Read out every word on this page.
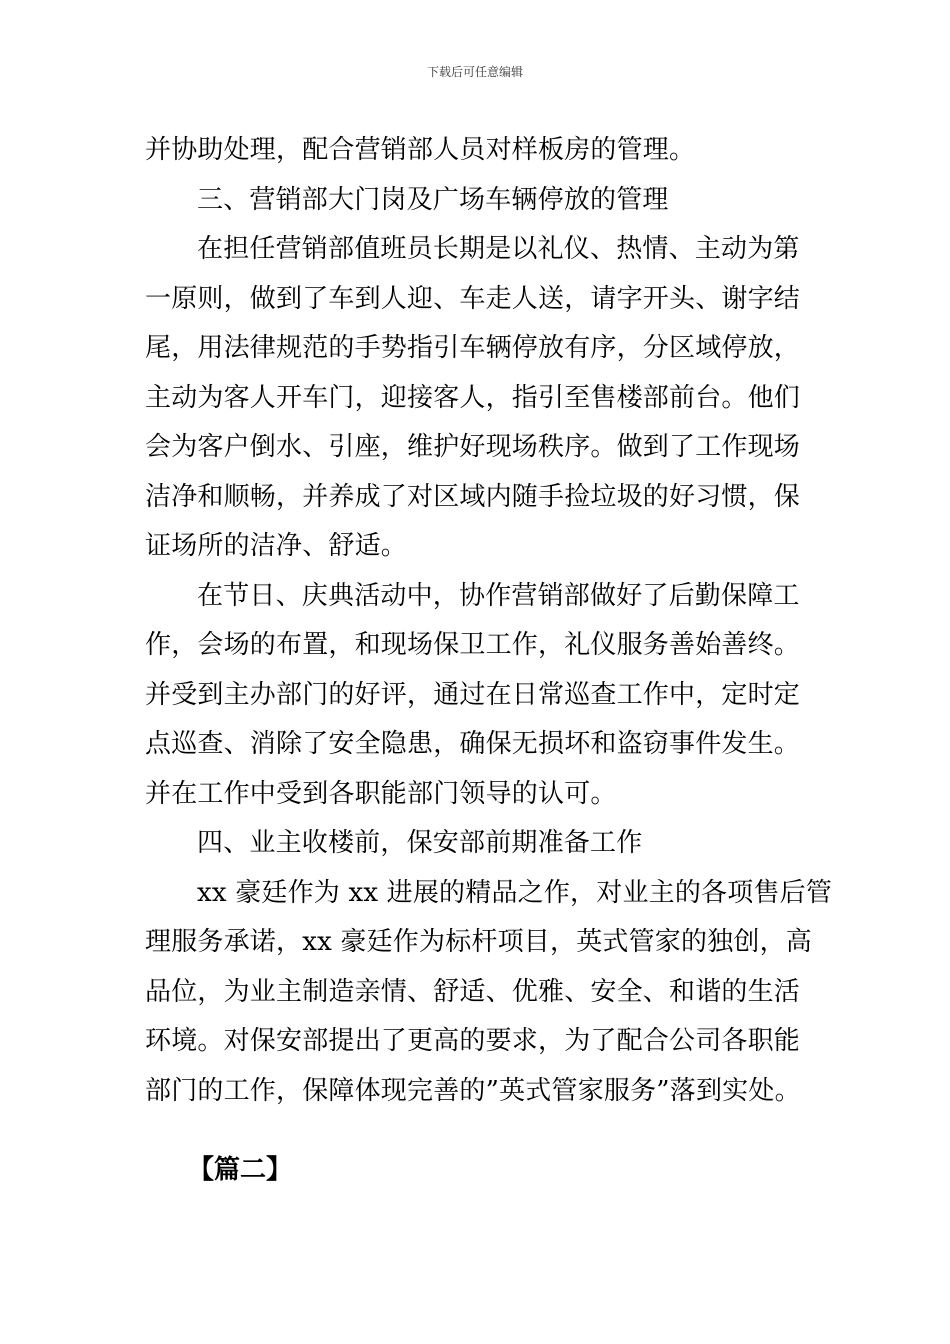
下载后可任意编辑
并协助处理，配合营销部人员对样板房的管理。
三、营销部大门岗及广场车辆停放的管理
在担任营销部值班员长期是以礼仪、热情、主动为第
一原则，做到了车到人迎、车走人送，请字开头、谢字结
尾，用法律规范的手势指引车辆停放有序，分区域停放，
主动为客人开车门，迎接客人，指引至售楼部前台。他们
会为客户倒水、引座，维护好现场秩序。做到了工作现场
洁净和顺畅，并养成了对区域内随手捡垃圾的好习惯，保
证场所的洁净、舒适。
在节日、庆典活动中，协作营销部做好了后勤保障工
作，会场的布置，和现场保卫工作，礼仪服务善始善终。
并受到主办部门的好评，通过在日常巡查工作中，定时定
点巡查、消除了安全隐患，确保无损坏和盗窃事件发生。
并在工作中受到各职能部门领导的认可。
四、业主收楼前，保安部前期准备工作
xx 豪廷作为 xx 进展的精品之作，对业主的各项售后管
理服务承诺，xx 豪廷作为标杆项目，英式管家的独创，高
品位，为业主制造亲情、舒适、优雅、安全、和谐的生活
环境。对保安部提出了更高的要求，为了配合公司各职能
部门的工作，保障体现完善的”英式管家服务”落到实处。
【篇二】
